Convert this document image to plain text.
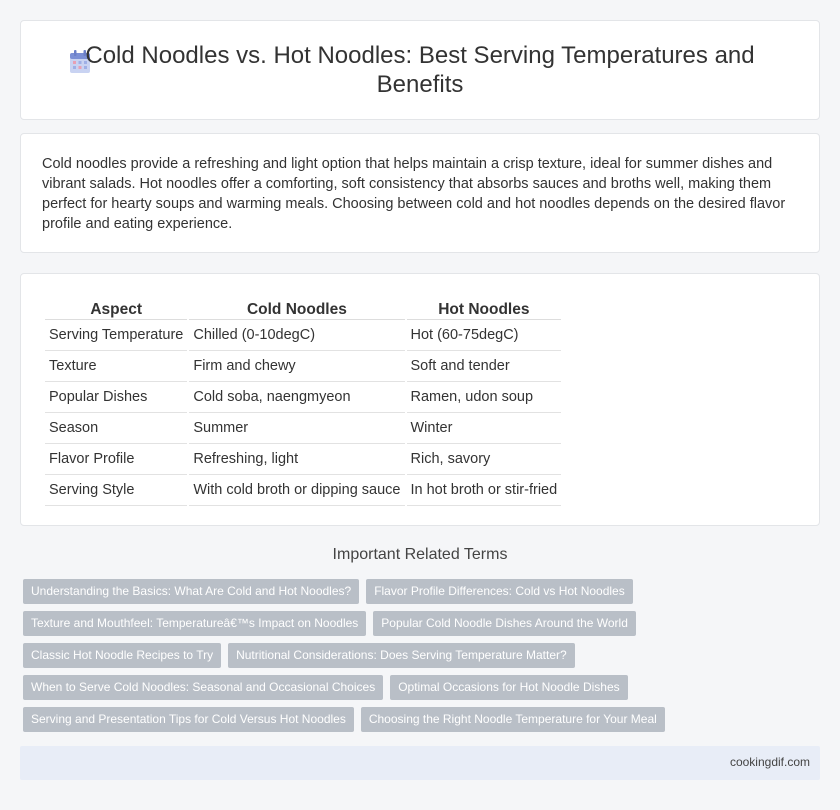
Cold Noodles vs. Hot Noodles: Best Serving Temperatures and Benefits

Cold noodles provide a refreshing and light option that helps maintain a crisp texture, ideal for summer dishes and vibrant salads. Hot noodles offer a comforting, soft consistency that absorbs sauces and broths well, making them perfect for hearty soups and warming meals. Choosing between cold and hot noodles depends on the desired flavor profile and eating experience.

Aspect	Cold Noodles	Hot Noodles
Serving Temperature	Chilled (0-10degC)	Hot (60-75degC)
Texture	Firm and chewy	Soft and tender
Popular Dishes	Cold soba, naengmyeon	Ramen, udon soup
Season	Summer	Winter
Flavor Profile	Refreshing, light	Rich, savory
Serving Style	With cold broth or dipping sauce	In hot broth or stir-fried
Important Related Terms
Understanding the Basics: What Are Cold and Hot Noodles?	Flavor Profile Differences: Cold vs Hot Noodles
Texture and Mouthfeel: Temperatureâ€™s Impact on Noodles	Popular Cold Noodle Dishes Around the World
Classic Hot Noodle Recipes to Try	Nutritional Considerations: Does Serving Temperature Matter?
When to Serve Cold Noodles: Seasonal and Occasional Choices	Optimal Occasions for Hot Noodle Dishes
Serving and Presentation Tips for Cold Versus Hot Noodles	Choosing the Right Noodle Temperature for Your Meal
cookingdif.com
